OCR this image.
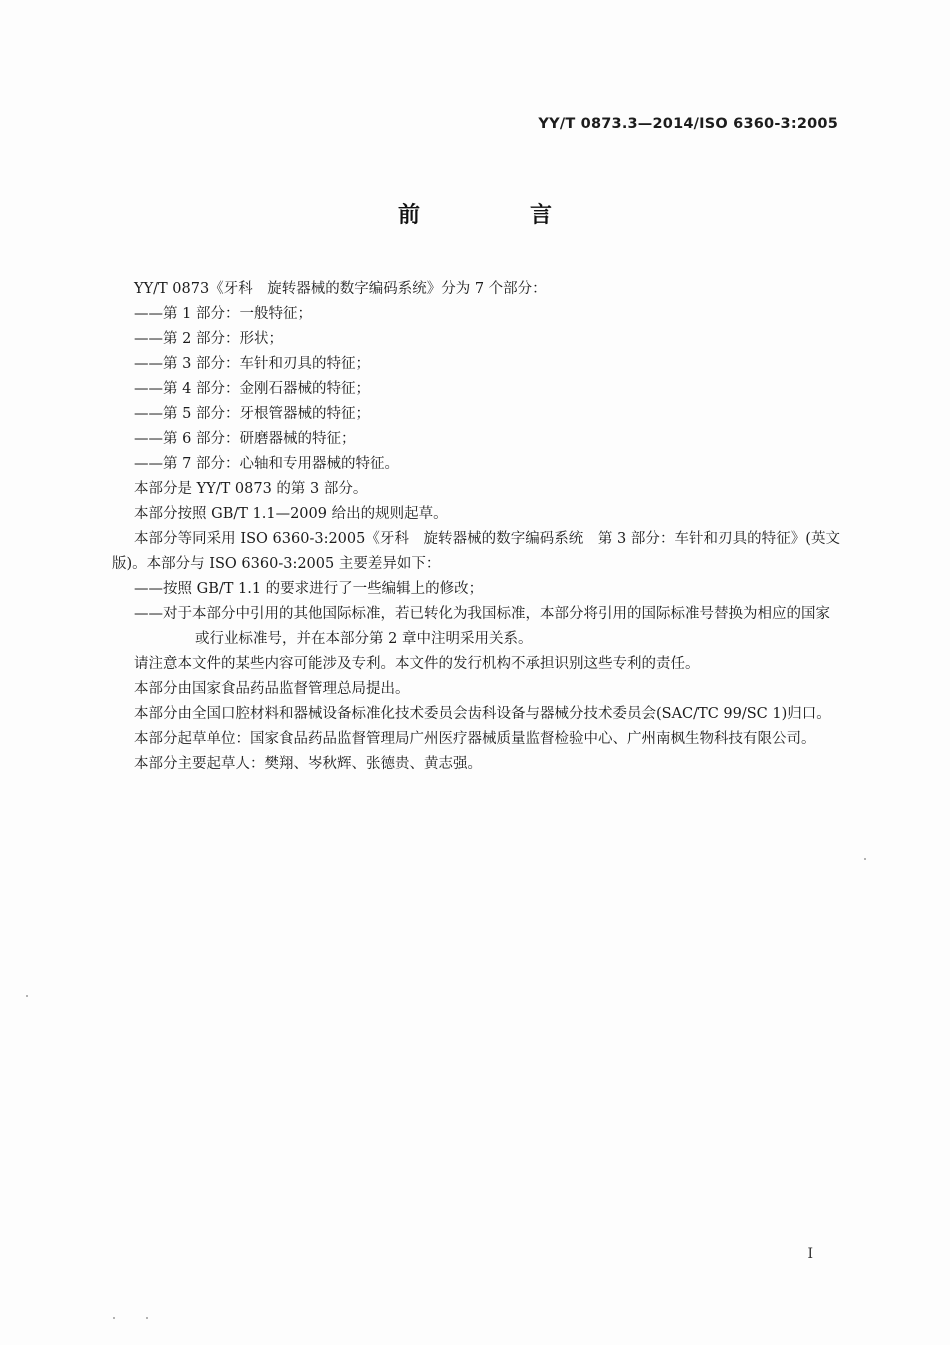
YY/T 0873.3—2014/ISO 6360-3:2005
前　言

YY/T 0873《牙科　旋转器械的数字编码系统》分为 7 个部分：

——第 1 部分：一般特征；

——第 2 部分：形状；

——第 3 部分：车针和刃具的特征；

——第 4 部分：金刚石器械的特征；

——第 5 部分：牙根管器械的特征；

——第 6 部分：研磨器械的特征；

——第 7 部分：心轴和专用器械的特征。

本部分是 YY/T 0873 的第 3 部分。

本部分按照 GB/T 1.1—2009 给出的规则起草。

本部分等同采用 ISO 6360-3:2005《牙科　旋转器械的数字编码系统　第 3 部分：车针和刃具的特征》(英文版)。本部分与 ISO 6360-3:2005 主要差异如下：

——按照 GB/T 1.1 的要求进行了一些编辑上的修改；

——对于本部分中引用的其他国际标准，若已转化为我国标准，本部分将引用的国际标准号替换为相应的国家或行业标准号，并在本部分第 2 章中注明采用关系。

请注意本文件的某些内容可能涉及专利。本文件的发行机构不承担识别这些专利的责任。

本部分由国家食品药品监督管理总局提出。

本部分由全国口腔材料和器械设备标准化技术委员会齿科设备与器械分技术委员会(SAC/TC 99/SC 1)归口。

本部分起草单位：国家食品药品监督管理局广州医疗器械质量监督检验中心、广州南枫生物科技有限公司。

本部分主要起草人：樊翔、岑秋辉、张德贵、黄志强。

I
